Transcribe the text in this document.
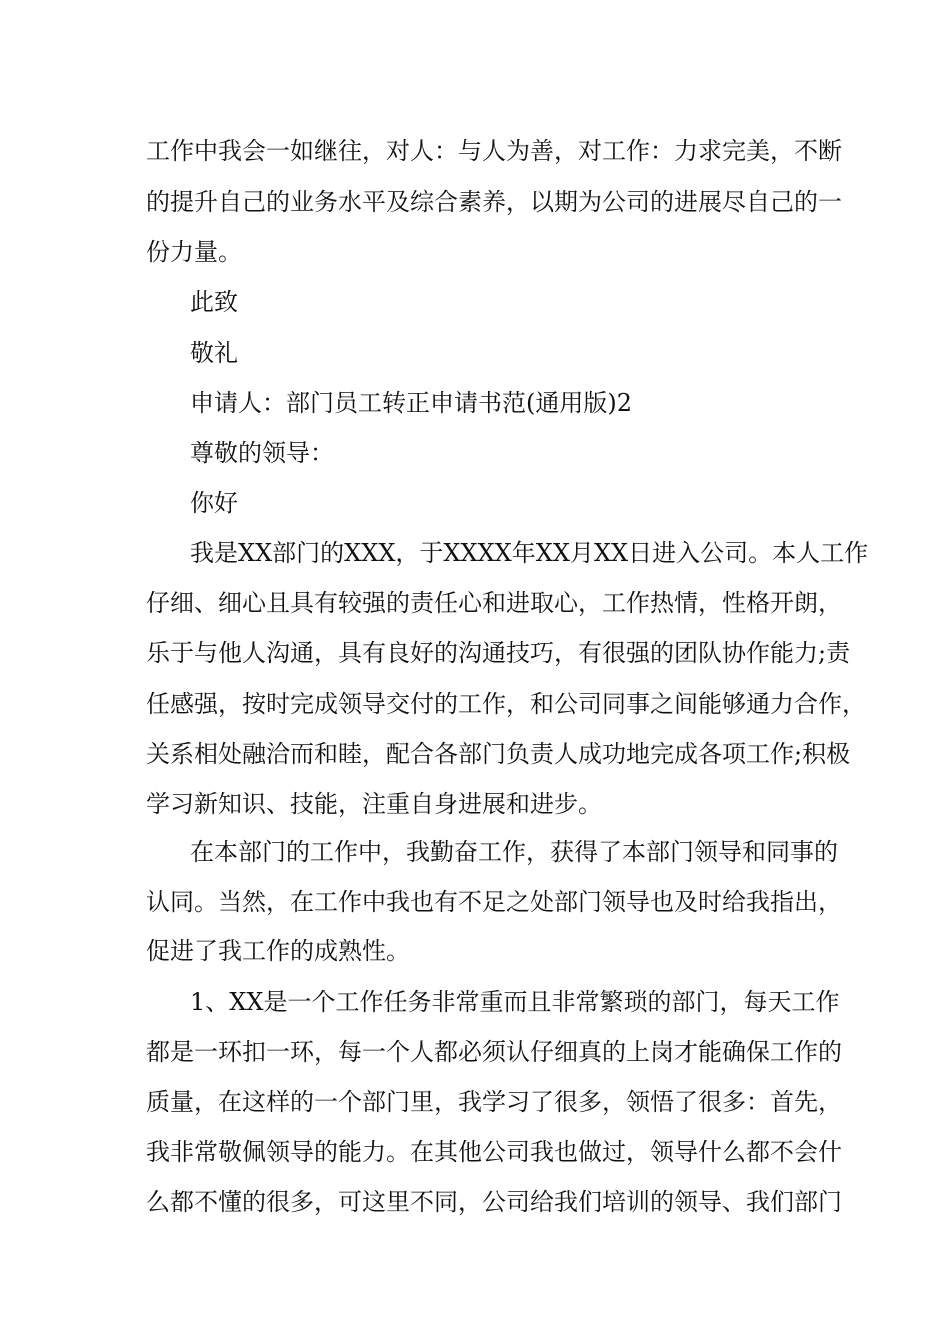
工作中我会一如继往，对人：与人为善，对工作：力求完美，不断
的提升自己的业务水平及综合素养，以期为公司的进展尽自己的一
份力量。
此致
敬礼
申请人：部门员工转正申请书范(通用版)2
尊敬的领导：
你好
我是XX部门的XXX，于XXXX年XX月XX日进入公司。本人工作
仔细、细心且具有较强的责任心和进取心，工作热情，性格开朗，
乐于与他人沟通，具有良好的沟通技巧，有很强的团队协作能力;责
任感强，按时完成领导交付的工作，和公司同事之间能够通力合作，
关系相处融洽而和睦，配合各部门负责人成功地完成各项工作;积极
学习新知识、技能，注重自身进展和进步。
在本部门的工作中，我勤奋工作，获得了本部门领导和同事的
认同。当然，在工作中我也有不足之处部门领导也及时给我指出，
促进了我工作的成熟性。
1、XX是一个工作任务非常重而且非常繁琐的部门，每天工作
都是一环扣一环，每一个人都必须认仔细真的上岗才能确保工作的
质量，在这样的一个部门里，我学习了很多，领悟了很多：首先，
我非常敬佩领导的能力。在其他公司我也做过，领导什么都不会什
么都不懂的很多，可这里不同，公司给我们培训的领导、我们部门
